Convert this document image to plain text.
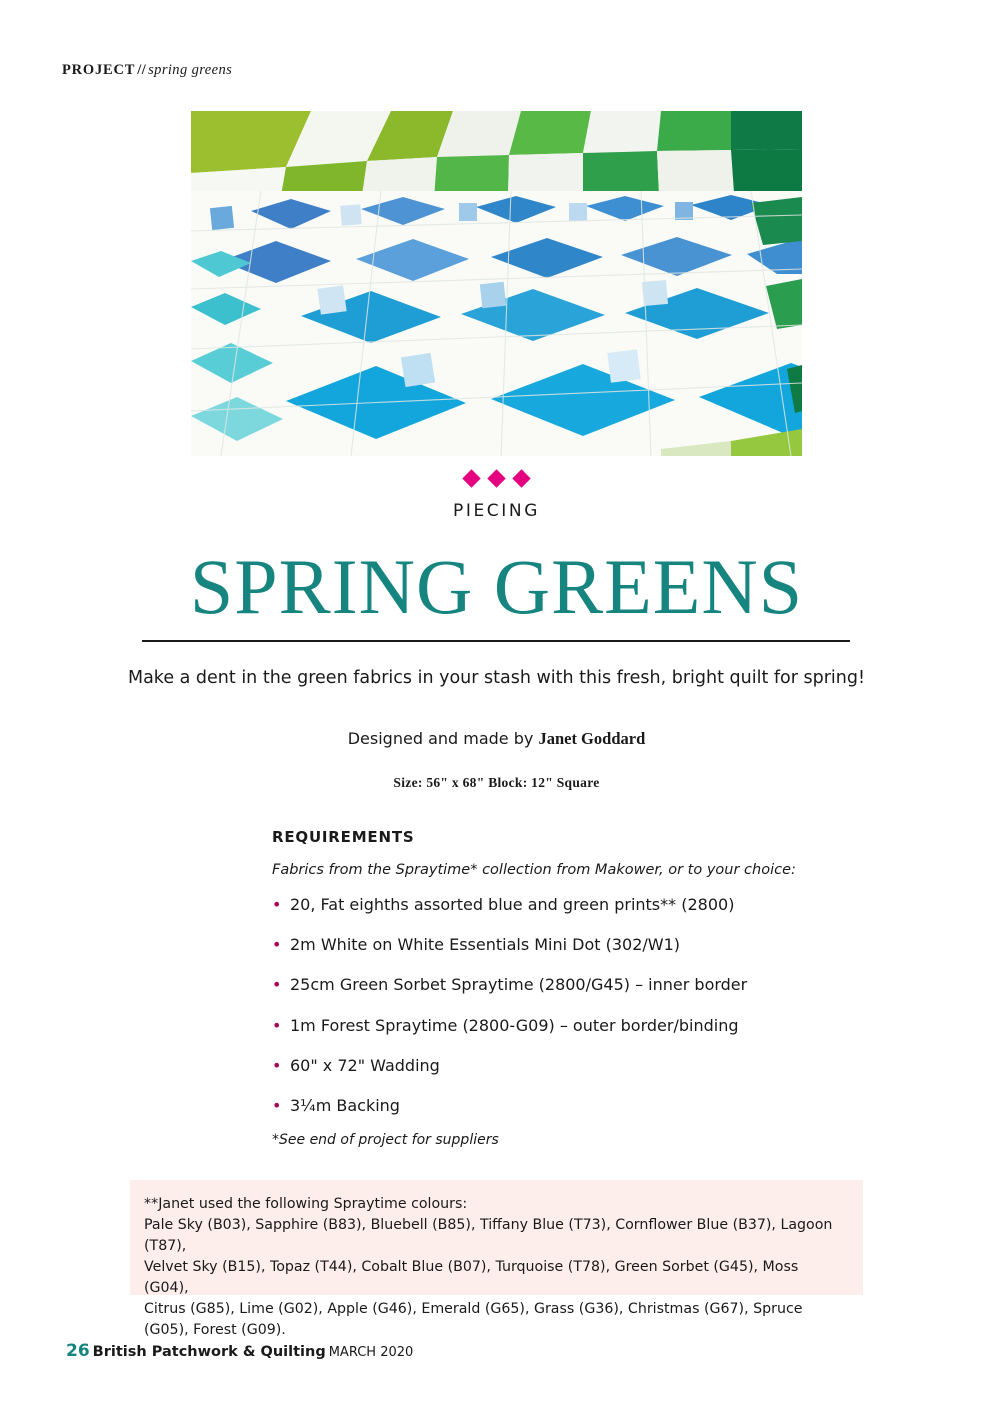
PROJECT // spring greens
PIECING
SPRING GREENS
Make a dent in the green fabrics in your stash with this fresh, bright quilt for spring!
Designed and made by Janet Goddard
Size: 56" x 68" Block: 12" Square
REQUIREMENTS
Fabrics from the Spraytime* collection from Makower, or to your choice:
• 20, Fat eighths assorted blue and green prints** (2800)
• 2m White on White Essentials Mini Dot (302/W1)
• 25cm Green Sorbet Spraytime (2800/G45) – inner border
• 1m Forest Spraytime (2800-G09) – outer border/binding
• 60" x 72" Wadding
• 3¼m Backing
*See end of project for suppliers
**Janet used the following Spraytime colours:
Pale Sky (B03), Sapphire (B83), Bluebell (B85), Tiffany Blue (T73), Cornflower Blue (B37), Lagoon (T87),
Velvet Sky (B15), Topaz (T44), Cobalt Blue (B07), Turquoise (T78), Green Sorbet (G45), Moss (G04),
Citrus (G85), Lime (G02), Apple (G46), Emerald (G65), Grass (G36), Christmas (G67), Spruce (G05), Forest (G09).
26 British Patchwork & Quilting MARCH 2020
